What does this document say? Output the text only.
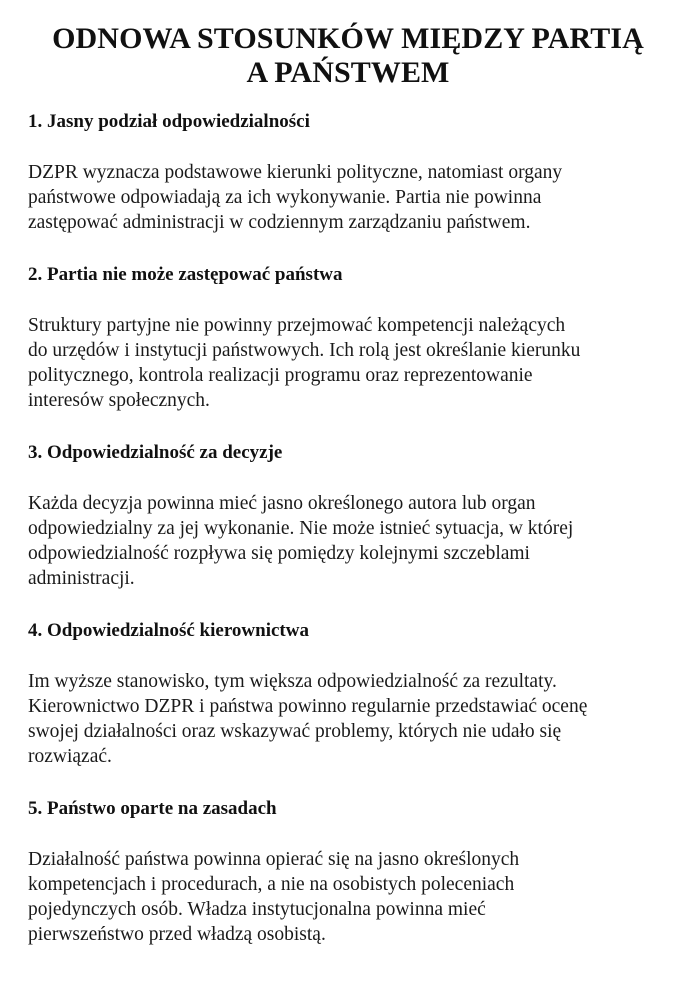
ODNOWA STOSUNKÓW MIĘDZY PARTIĄ
A PAŃSTWEM
1. Jasny podział odpowiedzialności

DZPR wyznacza podstawowe kierunki polityczne, natomiast organy
państwowe odpowiadają za ich wykonywanie. Partia nie powinna
zastępować administracji w codziennym zarządzaniu państwem.

2. Partia nie może zastępować państwa

Struktury partyjne nie powinny przejmować kompetencji należących
do urzędów i instytucji państwowych. Ich rolą jest określanie kierunku
politycznego, kontrola realizacji programu oraz reprezentowanie
interesów społecznych.

3. Odpowiedzialność za decyzje

Każda decyzja powinna mieć jasno określonego autora lub organ
odpowiedzialny za jej wykonanie. Nie może istnieć sytuacja, w której
odpowiedzialność rozpływa się pomiędzy kolejnymi szczeblami
administracji.

4. Odpowiedzialność kierownictwa

Im wyższe stanowisko, tym większa odpowiedzialność za rezultaty.
Kierownictwo DZPR i państwa powinno regularnie przedstawiać ocenę
swojej działalności oraz wskazywać problemy, których nie udało się
rozwiązać.

5. Państwo oparte na zasadach

Działalność państwa powinna opierać się na jasno określonych
kompetencjach i procedurach, a nie na osobistych poleceniach
pojedynczych osób. Władza instytucjonalna powinna mieć
pierwszeństwo przed władzą osobistą.
